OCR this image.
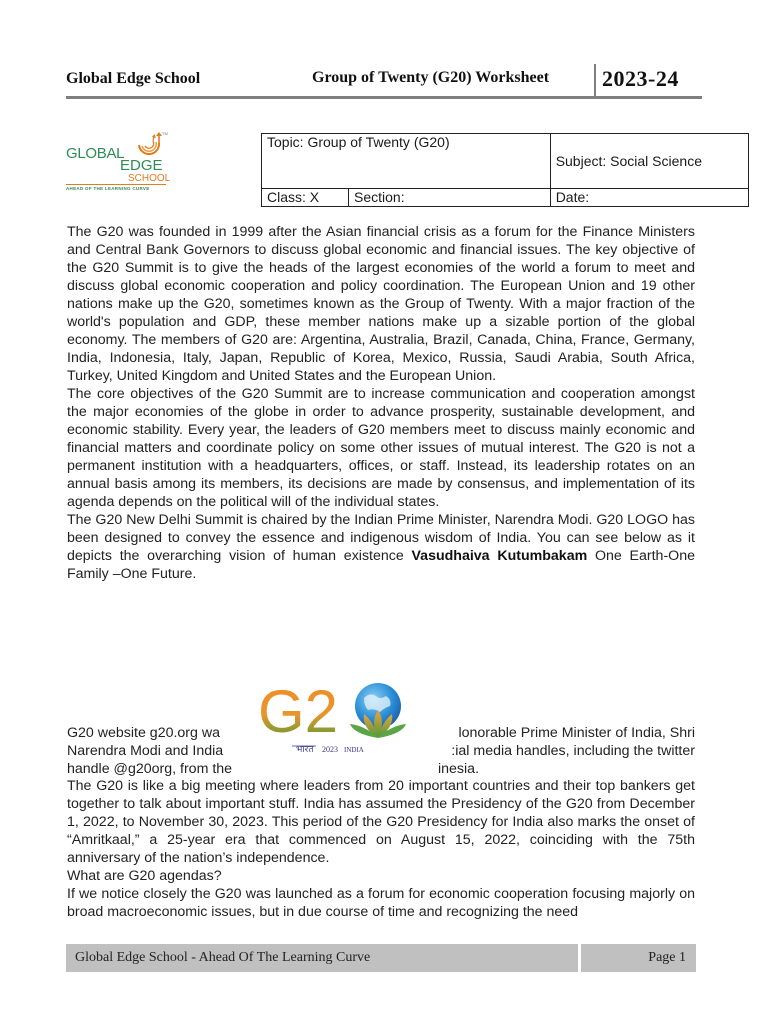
Global Edge School	Group of Twenty (G20) Worksheet 2023-24
TM
GLOBAL
EDGE
SCHOOL
AHEAD OF THE LEARNING CURVE
Topic: Group of Twenty (G20)		Subject: Social Science
Class: X	Section:	Date:

The G20 was founded in 1999 after the Asian financial crisis as a forum for the Finance Ministers and Central Bank Governors to discuss global economic and financial issues. The key objective of the G20 Summit is to give the heads of the largest economies of the world a forum to meet and discuss global economic cooperation and policy coordination. The European Union and 19 other nations make up the G20, sometimes known as the Group of Twenty. With a major fraction of the world's population and GDP, these member nations make up a sizable portion of the global economy. The members of G20 are: Argentina, Australia, Brazil, Canada, China, France, Germany, India, Indonesia, Italy, Japan, Republic of Korea, Mexico, Russia, Saudi Arabia, South Africa, Turkey, United Kingdom and United States and the European Union.

The core objectives of the G20 Summit are to increase communication and cooperation amongst the major economies of the globe in order to advance prosperity, sustainable development, and economic stability. Every year, the leaders of G20 members meet to discuss mainly economic and financial matters and coordinate policy on some other issues of mutual interest. The G20 is not a permanent institution with a headquarters, offices, or staff. Instead, its leadership rotates on an annual basis among its members, its decisions are made by consensus, and implementation of its agenda depends on the political will of the individual states.

The G20 New Delhi Summit is chaired by the Indian Prime Minister, Narendra Modi. G20 LOGO has been designed to convey the essence and indigenous wisdom of India. You can see below as it depicts the overarching vision of human existence Vasudhaiva Kutumbakam One Earth-One Family –One Future.

G20 website g20.org wa	lonorable Prime Minister of India, Shri
Narendra Modi and India	:ial media handles, including the twitter
handle @g20org, from the	inesia.

The G20 is like a big meeting where leaders from 20 important countries and their top bankers get together to talk about important stuff. India has assumed the Presidency of the G20 from December 1, 2022, to November 30, 2023. This period of the G20 Presidency for India also marks the onset of “Amritkaal,” a 25-year era that commenced on August 15, 2022, coinciding with the 75th anniversary of the nation’s independence.

What are G20 agendas?

If we notice closely the G20 was launched as a forum for economic cooperation focusing majorly on broad macroeconomic issues, but in due course of time and recognizing the need

G2
भारत 2023 INDIA
Global Edge School - Ahead Of The Learning Curve	Page 1
